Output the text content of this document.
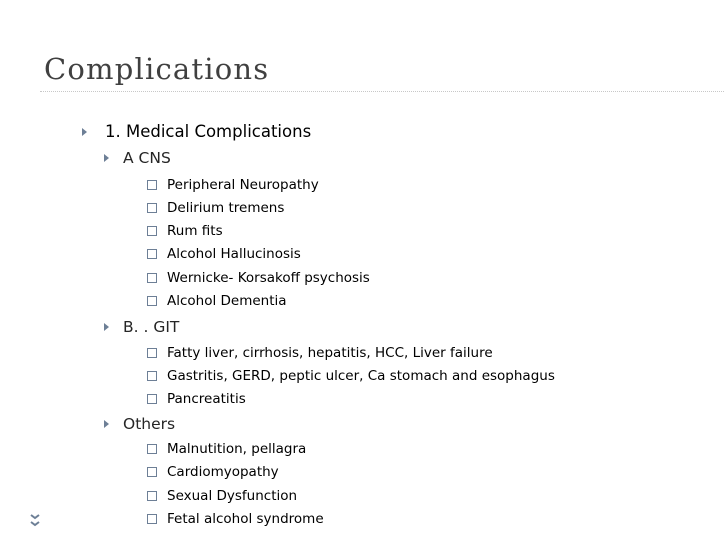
Complications
1. Medical Complications
A CNS
Peripheral Neuropathy
Delirium tremens
Rum fits
Alcohol Hallucinosis
Wernicke- Korsakoff psychosis
Alcohol Dementia
B. . GIT
Fatty liver, cirrhosis, hepatitis, HCC, Liver failure
Gastritis, GERD, peptic ulcer, Ca stomach and esophagus
Pancreatitis
Others
Malnutition, pellagra
Cardiomyopathy
Sexual Dysfunction
Fetal alcohol syndrome
